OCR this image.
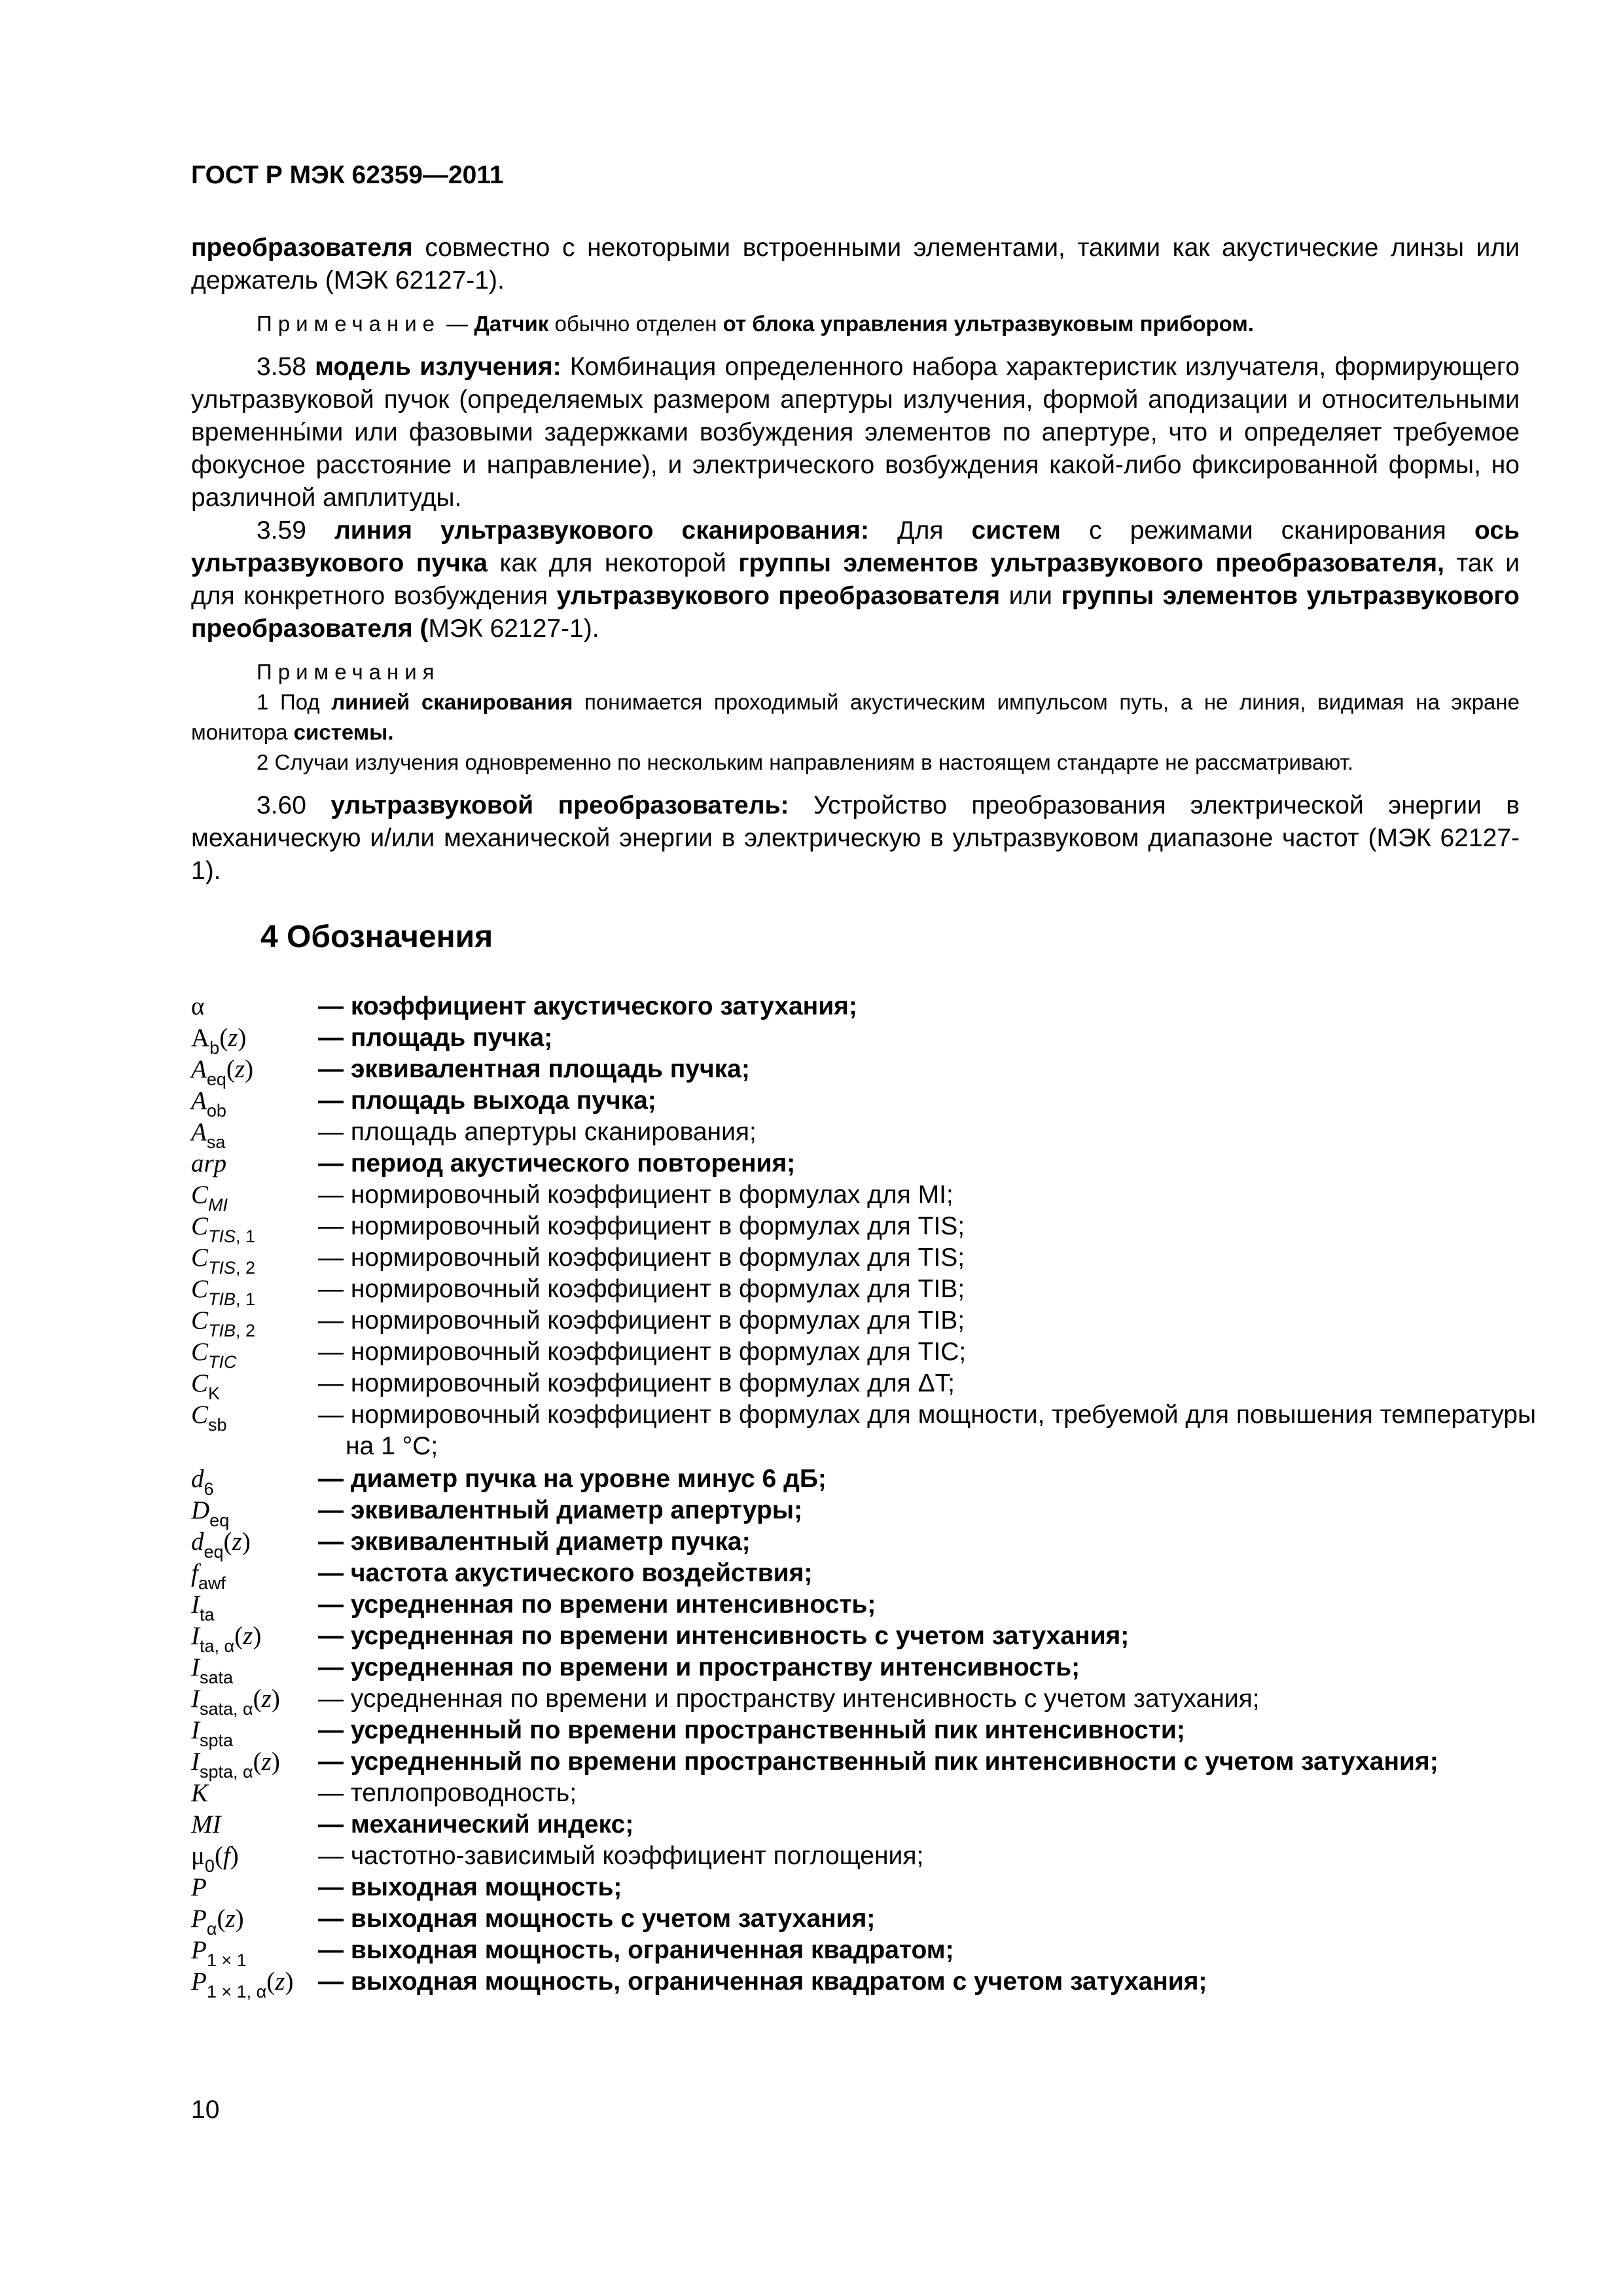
ГОСТ Р МЭК 62359—2011
преобразователя совместно с некоторыми встроенными элементами, такими как акустические линзы или держатель (МЭК 62127-1).
Примечание — Датчик обычно отделен от блока управления ультразвуковым прибором.
3.58 модель излучения: Комбинация определенного набора характеристик излучателя, формирующего ультразвуковой пучок (определяемых размером апертуры излучения, формой аподизации и относительными временны́ми или фазовыми задержками возбуждения элементов по апертуре, что и определяет требуемое фокусное расстояние и направление), и электрического возбуждения какой-либо фиксированной формы, но различной амплитуды.
3.59 линия ультразвукового сканирования: Для систем с режимами сканирования ось ультразвукового пучка как для некоторой группы элементов ультразвукового преобразователя, так и для конкретного возбуждения ультразвукового преобразователя или группы элементов ультразвукового преобразователя (МЭК 62127-1).
Примечания
1 Под линией сканирования понимается проходимый акустическим импульсом путь, а не линия, видимая на экране монитора системы.
2 Случаи излучения одновременно по нескольким направлениям в настоящем стандарте не рассматривают.
3.60 ультразвуковой преобразователь: Устройство преобразования электрической энергии в механическую и/или механической энергии в электрическую в ультразвуковом диапазоне частот (МЭК 62127-1).
4 Обозначения
α	— коэффициент акустического затухания;
$A_b(z)$	— площадь пучка;
$A_{eq}(z)$	— эквивалентная площадь пучка;
$A_{ob}$	— площадь выхода пучка;
$A_{sa}$	— площадь апертуры сканирования;
arp	— период акустического повторения;
$C_{MI}$	— нормировочный коэффициент в формулах для MI;
$C_{TIS, 1}$ — нормировочный коэффициент в формулах для TIS;
$C_{TIS, 2}$ — нормировочный коэффициент в формулах для TIS;
$C_{TIB, 1}$ — нормировочный коэффициент в формулах для TIB;
$C_{TIB, 2}$ — нормировочный коэффициент в формулах для TIB;
$C_{TIC}$	— нормировочный коэффициент в формулах для TIC;
$C_K$	— нормировочный коэффициент в формулах для ΔT;
$C_{sb}$	— нормировочный коэффициент в формулах для мощности, требуемой для повышения температуры на 1 °C;
$d_6$	— диаметр пучка на уровне минус 6 дБ;
$D_{eq}$	— эквивалентный диаметр апертуры;
$d_{eq}(z)$	— эквивалентный диаметр пучка;
$f_{awf}$	— частота акустического воздействия;
$I_{ta}$	— усредненная по времени интенсивность;
$I_{ta, \alpha}(z)$ — усредненная по времени интенсивность с учетом затухания;
$I_{sata}$	— усредненная по времени и пространству интенсивность;
$I_{sata, \alpha}(z)$ — усредненная по времени и пространству интенсивность с учетом затухания;
$I_{spta}$	— усредненный по времени пространственный пик интенсивности;
$I_{spta, \alpha}(z)$ — усредненный по времени пространственный пик интенсивности с учетом затухания;
K	— теплопроводность;
MI	— механический индекс;
$\mu_0(f)$	— частотно-зависимый коэффициент поглощения;
P	— выходная мощность;
$P_\alpha(z)$	— выходная мощность с учетом затухания;
$P_{1 \times 1}$	— выходная мощность, ограниченная квадратом;
$P_{1 \times 1, \alpha}(z)$ — выходная мощность, ограниченная квадратом с учетом затухания;
10
